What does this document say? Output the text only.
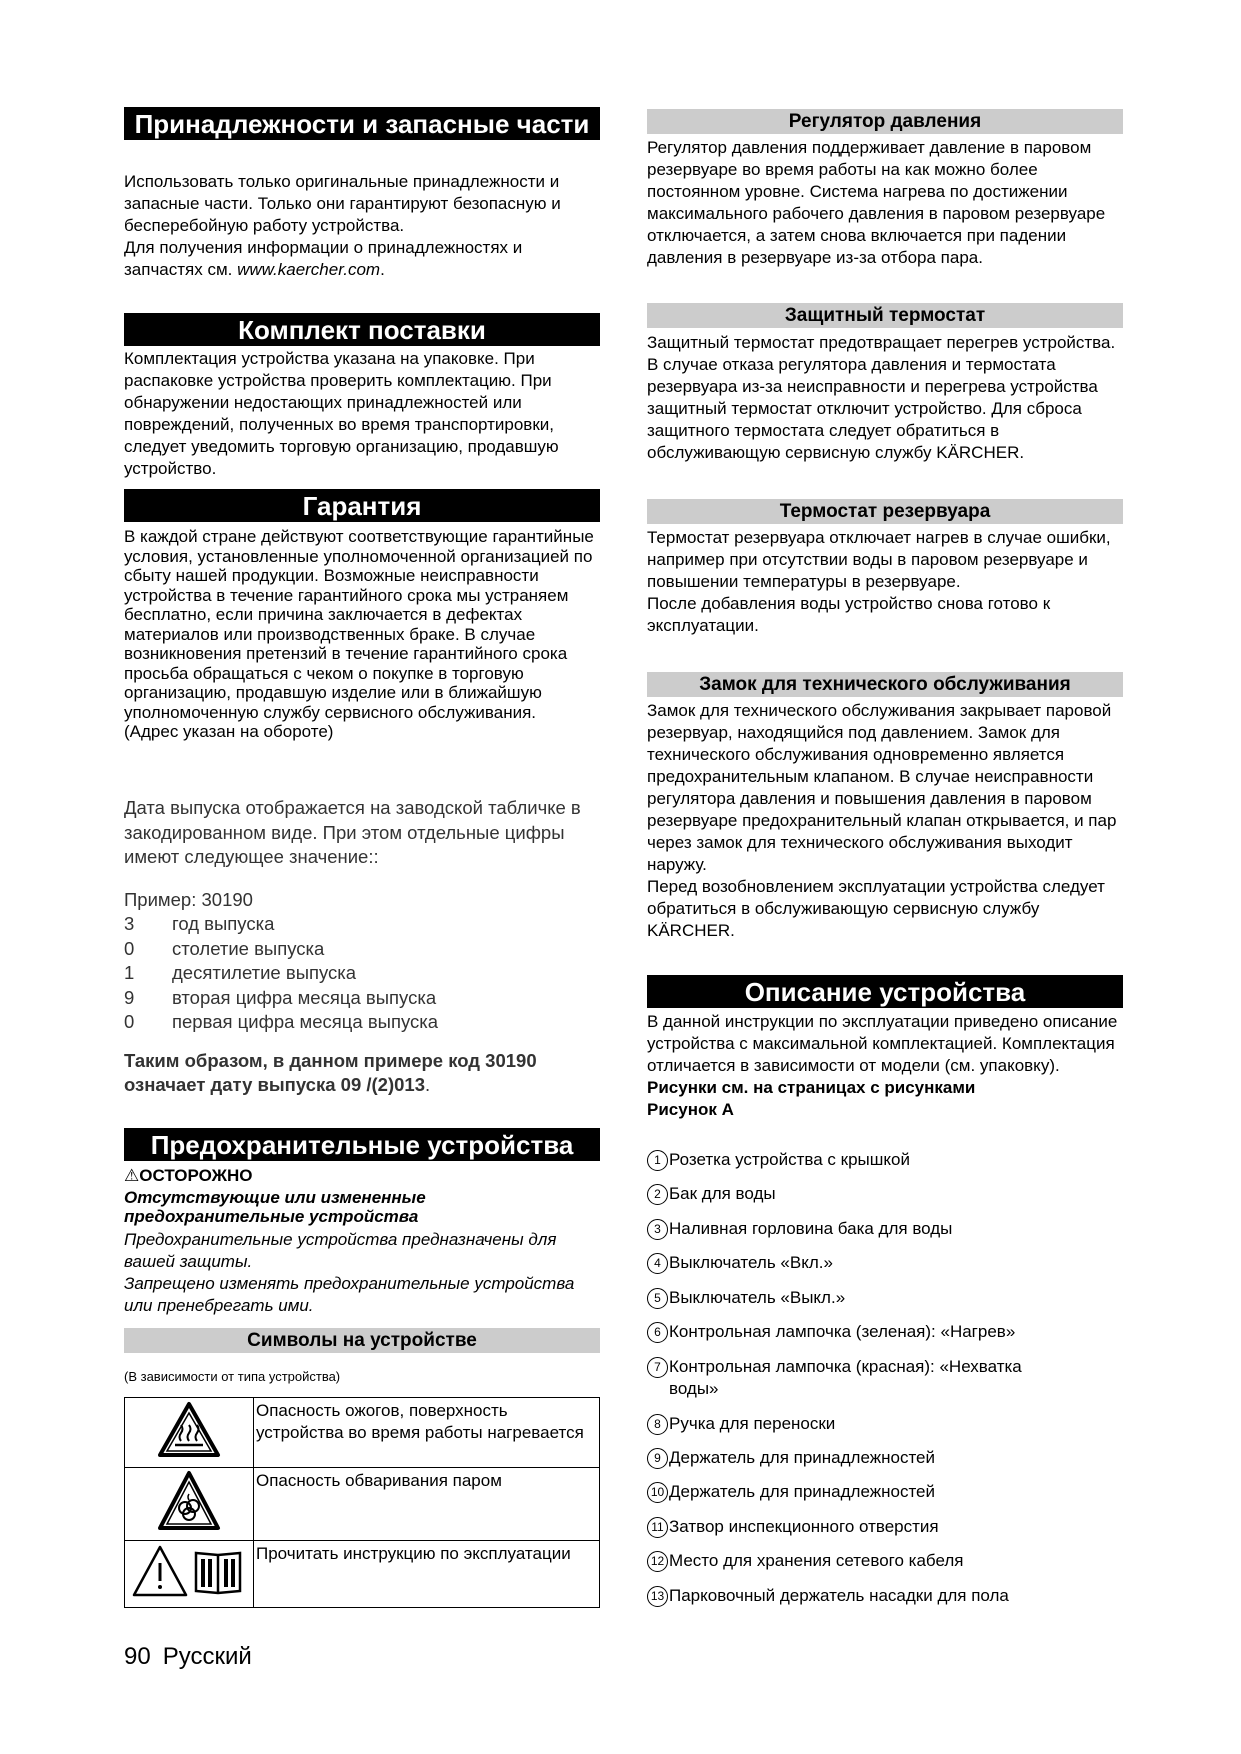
Принадлежности и запасные части

Использовать только оригинальные принадлежности и запасные части. Только они гарантируют безопасную и бесперебойную работу устройства.

Для получения информации о принадлежностях и запчастях см. www.kaercher.com.

Комплект поставки
Комплектация устройства указана на упаковке. При распаковке устройства проверить комплектацию. При обнаружении недостающих принадлежностей или повреждений, полученных во время транспортировки, следует уведомить торговую организацию, продавшую устройство.
Гарантия

В каждой стране действуют соответствующие гарантийные условия, установленные уполномоченной организацией по сбыту нашей продукции. Возможные неисправности устройства в течение гарантийного срока мы устраняем бесплатно, если причина заключается в дефектах материалов или производственных браке. В случае возникновения претензий в течение гарантийного срока просьба обращаться с чеком о покупке в торговую организацию, продавшую изделие или в ближайшую уполномоченную службу сервисного обслуживания.

(Адрес указан на обороте)

Дата выпуска отображается на заводской табличке в закодированном виде. При этом отдельные цифры имеют следующее значение::

Пример: 30190

3	год выпуска
0	столетие выпуска
1	десятилетие выпуска
9	вторая цифра месяца выпуска
0	первая цифра месяца выпуска

Таким образом, в данном примере код 30190 означает дату выпуска 09 /(2)013.

Предохранительные устройства

⚠ОСТОРОЖНО

Отсутствующие или измененные предохранительные устройства

Предохранительные устройства предназначены для вашей защиты.

Запрещено изменять предохранительные устройства или пренебрегать ими.

Символы на устройстве
(В зависимости от типа устройства)
	Опасность ожогов, поверхность устройства во время работы нагревается
	Опасность обваривания паром
	Прочитать инструкцию по эксплуатации
Регулятор давления
Регулятор давления поддерживает давление в паровом резервуаре во время работы на как можно более постоянном уровне. Система нагрева по достижении максимального рабочего давления в паровом резервуаре отключается, а затем снова включается при падении давления в резервуаре из-за отбора пара.
Защитный термостат
Защитный термостат предотвращает перегрев устройства. В случае отказа регулятора давления и термостата резервуара из-за неисправности и перегрева устройства защитный термостат отключит устройство. Для сброса защитного термостата следует обратиться в обслуживающую сервисную службу KÄRCHER.
Термостат резервуара

Термостат резервуара отключает нагрев в случае ошибки, например при отсутствии воды в паровом резервуаре и повышении температуры в резервуаре.

После добавления воды устройство снова готово к эксплуатации.

Замок для технического обслуживания

Замок для технического обслуживания закрывает паровой резервуар, находящийся под давлением. Замок для технического обслуживания одновременно является предохранительным клапаном. В случае неисправности регулятора давления и повышения давления в паровом резервуаре предохранительный клапан открывается, и пар через замок для технического обслуживания выходит наружу.

Перед возобновлением эксплуатации устройства следует обратиться в обслуживающую сервисную службу KÄRCHER.

Описание устройства

В данной инструкции по эксплуатации приведено описание устройства с максимальной комплектацией. Комплектация отличается в зависимости от модели (см. упаковку).

Рисунки см. на страницах с рисунками

Рисунок А

1 Розетка устройства с крышкой
2 Бак для воды
3 Наливная горловина бака для воды
4 Выключатель «Вкл.»
5 Выключатель «Выкл.»
6 Контрольная лампочка (зеленая): «Нагрев»
7 Контрольная лампочка (красная): «Нехватка воды»
8 Ручка для переноски
9 Держатель для принадлежностей
10 Держатель для принадлежностей
11 Затвор инспекционного отверстия
12 Место для хранения сетевого кабеля
13 Парковочный держатель насадки для пола
90 Русский
